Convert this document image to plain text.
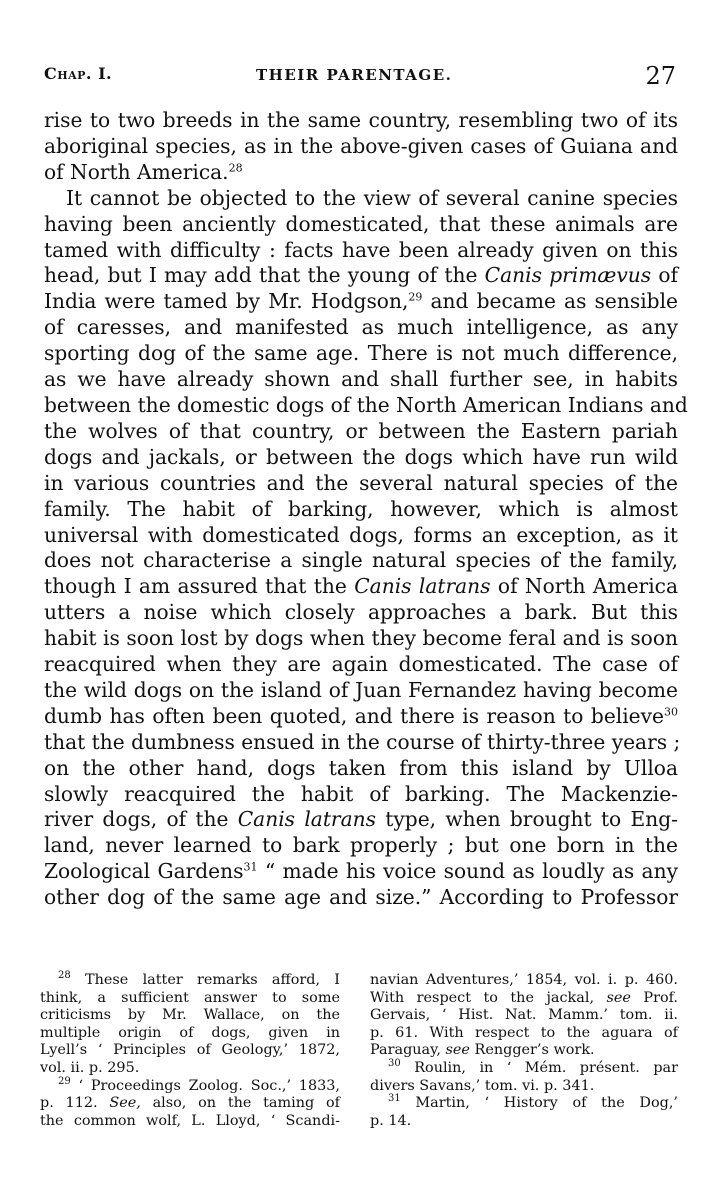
Chap. I.	THEIR PARENTAGE.	27
rise to two breeds in the same country, resembling two of its
aboriginal species, as in the above-given cases of Guiana and
of North America.$^{28}$
It cannot be objected to the view of several canine species
having been anciently domesticated, that these animals are
tamed with difficulty : facts have been already given on this
head, but I may add that the young of the Canis primævus of
India were tamed by Mr. Hodgson,$^{29}$ and became as sensible
of caresses, and manifested as much intelligence, as any
sporting dog of the same age. There is not much difference,
as we have already shown and shall further see, in habits
between the domestic dogs of the North American Indians and
the wolves of that country, or between the Eastern pariah
dogs and jackals, or between the dogs which have run wild
in various countries and the several natural species of the
family. The habit of barking, however, which is almost
universal with domesticated dogs, forms an exception, as it
does not characterise a single natural species of the family,
though I am assured that the Canis latrans of North America
utters a noise which closely approaches a bark. But this
habit is soon lost by dogs when they become feral and is soon
reacquired when they are again domesticated. The case of
the wild dogs on the island of Juan Fernandez having become
dumb has often been quoted, and there is reason to believe$^{30}$
that the dumbness ensued in the course of thirty-three years ;
on the other hand, dogs taken from this island by Ulloa
slowly reacquired the habit of barking. The Mackenzie-
river dogs, of the Canis latrans type, when brought to Eng-
land, never learned to bark properly ; but one born in the
Zoological Gardens$^{31}$ “ made his voice sound as loudly as any
other dog of the same age and size.” According to Professor
$^{28}$ These latter remarks afford, I
think, a sufficient answer to some
criticisms by Mr. Wallace, on the
multiple origin of dogs, given in
Lyell’s ‘ Principles of Geology,’ 1872,
vol. ii. p. 295.
$^{29}$ ‘ Proceedings Zoolog. Soc.,’ 1833,
p. 112. See, also, on the taming of
the common wolf, L. Lloyd, ‘ Scandi-
navian Adventures,’ 1854, vol. i. p. 460.
With respect to the jackal, see Prof.
Gervais, ‘ Hist. Nat. Mamm.’ tom. ii.
p. 61. With respect to the aguara of
Paraguay, see Rengger’s work.
$^{30}$ Roulin, in ‘ Mém. présent. par
divers Savans,’ tom. vi. p. 341.
$^{31}$ Martin, ‘ History of the Dog,’
p. 14.
